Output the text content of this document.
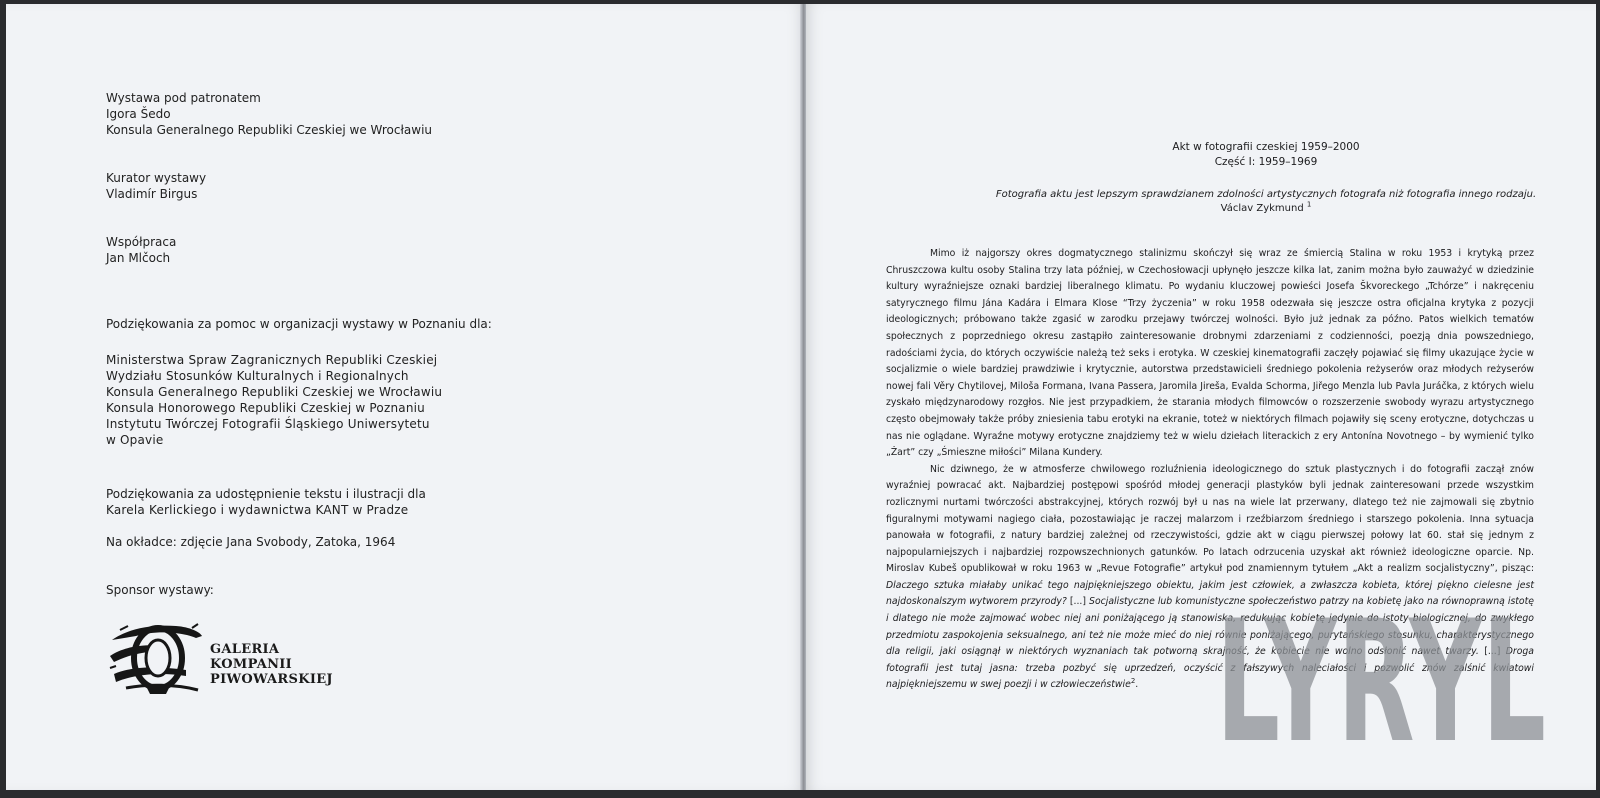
Wystawa pod patronatem
Igora Šedo
Konsula Generalnego Republiki Czeskiej we Wrocławiu
Kurator wystawy
Vladimír Birgus
Współpraca
Jan Mlčoch
Podziękowania za pomoc w organizacji wystawy w Poznaniu dla:
Ministerstwa Spraw Zagranicznych Republiki Czeskiej
Wydziału Stosunków Kulturalnych i Regionalnych
Konsula Generalnego Republiki Czeskiej we Wrocławiu
Konsula Honorowego Republiki Czeskiej w Poznaniu
Instytutu Twórczej Fotografii Śląskiego Uniwersytetu
w Opavie
Podziękowania za udostępnienie tekstu i ilustracji dla
Karela Kerlickiego i wydawnictwa KANT w Pradze
Na okładce: zdjęcie Jana Svobody, Zatoka, 1964
Sponsor wystawy:
GALERIA
KOMPANII
PIWOWARSKIEJ
Akt w fotografii czeskiej 1959–2000
Część I: 1959–1969
Fotografia aktu jest lepszym sprawdzianem zdolności artystycznych fotografa niż fotografia innego rodzaju.
Václav Zykmund $^1$

Mimo iż najgorszy okres dogmatycznego stalinizmu skończył się wraz ze śmiercią Stalina w roku 1953 i krytyką przez Chruszczowa kultu osoby Stalina trzy lata później, w Czechosłowacji upłynęło jeszcze kilka lat, zanim można było zauważyć w dziedzinie kultury wyraźniejsze oznaki bardziej liberalnego klimatu. Po wydaniu kluczowej powieści Josefa Škvoreckego „Tchórze” i nakręceniu satyrycznego filmu Jána Kadára i Elmara Klose “Trzy życzenia” w roku 1958 odezwała się jeszcze ostra oficjalna krytyka z pozycji ideologicznych; próbowano także zgasić w zarodku przejawy twórczej wolności. Było już jednak za późno. Patos wielkich tematów społecznych z poprzedniego okresu zastąpiło zainteresowanie drobnymi zdarzeniami z codzienności, poezją dnia powszedniego, radościami życia, do których oczywiście należą też seks i erotyka. W czeskiej kinematografii zaczęły pojawiać się filmy ukazujące życie w socjalizmie o wiele bardziej prawdziwie i krytycznie, autorstwa przedstawicieli średniego pokolenia reżyserów oraz młodych reżyserów nowej fali Věry Chytilovej, Miloša Formana, Ivana Passera, Jaromila Jireša, Evalda Schorma, Jiřego Menzla lub Pavla Juráčka, z których wielu zyskało międzynarodowy rozgłos. Nie jest przypadkiem, że starania młodych filmowców o rozszerzenie swobody wyrazu artystycznego często obejmowały także próby zniesienia tabu erotyki na ekranie, toteż w niektórych filmach pojawiły się sceny erotyczne, dotychczas u nas nie oglądane. Wyraźne motywy erotyczne znajdziemy też w wielu dziełach literackich z ery Antonína Novotnego – by wymienić tylko „Żart” czy „Śmieszne miłości” Milana Kundery.

Nic dziwnego, że w atmosferze chwilowego rozluźnienia ideologicznego do sztuk plastycznych i do fotografii zaczął znów wyraźniej powracać akt. Najbardziej postępowi spośród młodej generacji plastyków byli jednak zainteresowani przede wszystkim rozlicznymi nurtami twórczości abstrakcyjnej, których rozwój był u nas na wiele lat przerwany, dlatego też nie zajmowali się zbytnio figuralnymi motywami nagiego ciała, pozostawiając je raczej malarzom i rzeźbiarzom średniego i starszego pokolenia. Inna sytuacja panowała w fotografii, z natury bardziej zależnej od rzeczywistości, gdzie akt w ciągu pierwszej połowy lat 60. stał się jednym z najpopularniejszych i najbardziej rozpowszechnionych gatunków. Po latach odrzucenia uzyskał akt również ideologiczne oparcie. Np. Miroslav Kubeš opublikował w roku 1963 w „Revue Fotografie” artykuł pod znamiennym tytułem „Akt a realizm socjalistyczny”, pisząc: Dlaczego sztuka miałaby unikać tego najpiękniejszego obiektu, jakim jest człowiek, a zwłaszcza kobieta, której piękno cielesne jest najdoskonalszym wytworem przyrody? [...] Socjalistyczne lub komunistyczne społeczeństwo patrzy na kobietę jako na równoprawną istotę i dlatego nie może zajmować wobec niej ani poniżającego ją stanowiska, redukując kobietę jedynie do istoty biologicznej, do zwykłego przedmiotu zaspokojenia seksualnego, ani też nie może mieć do niej równie poniżającego, purytańskiego stosunku, charakterystycznego dla religii, jaki osiągnął w niektórych wyznaniach tak potworną skrajność, że kobiecie nie wolno odsłonić nawet twarzy. [...] Droga fotografii jest tutaj jasna: trzeba pozbyć się uprzedzeń, oczyścić z fałszywych naleciałości i pozwolić znów zalśnić kwiatowi najpiękniejszemu w swej poezji i w człowieczeństwie$^2$. LYRYL
